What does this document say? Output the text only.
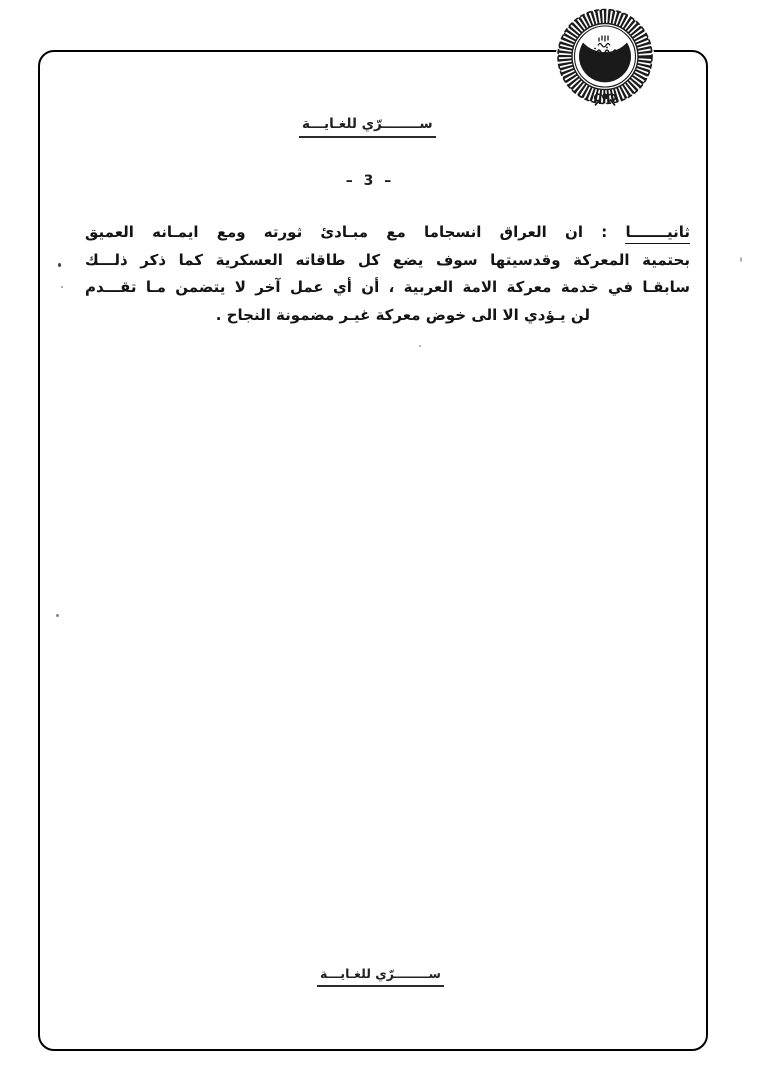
ســــــــرّي للغـايـــة
– 3 –
ثانيـــــــا : ان العراق انسجاما مع مبـادئ ثورته ومع ايمـانه العميق
بحتمية المعركة وقدسيتها سوف يضع كل طاقاته العسكرية كما ذكر ذلـــك
سابقـا في خدمة معركة الامة العربية ، أن أي عمل آخر لا يتضمن مـا تقـــدم
لن يـؤدي الا الى خوض معركة غيـر مضمونة النجاح .
ســــــــرّي للغـايـــة
